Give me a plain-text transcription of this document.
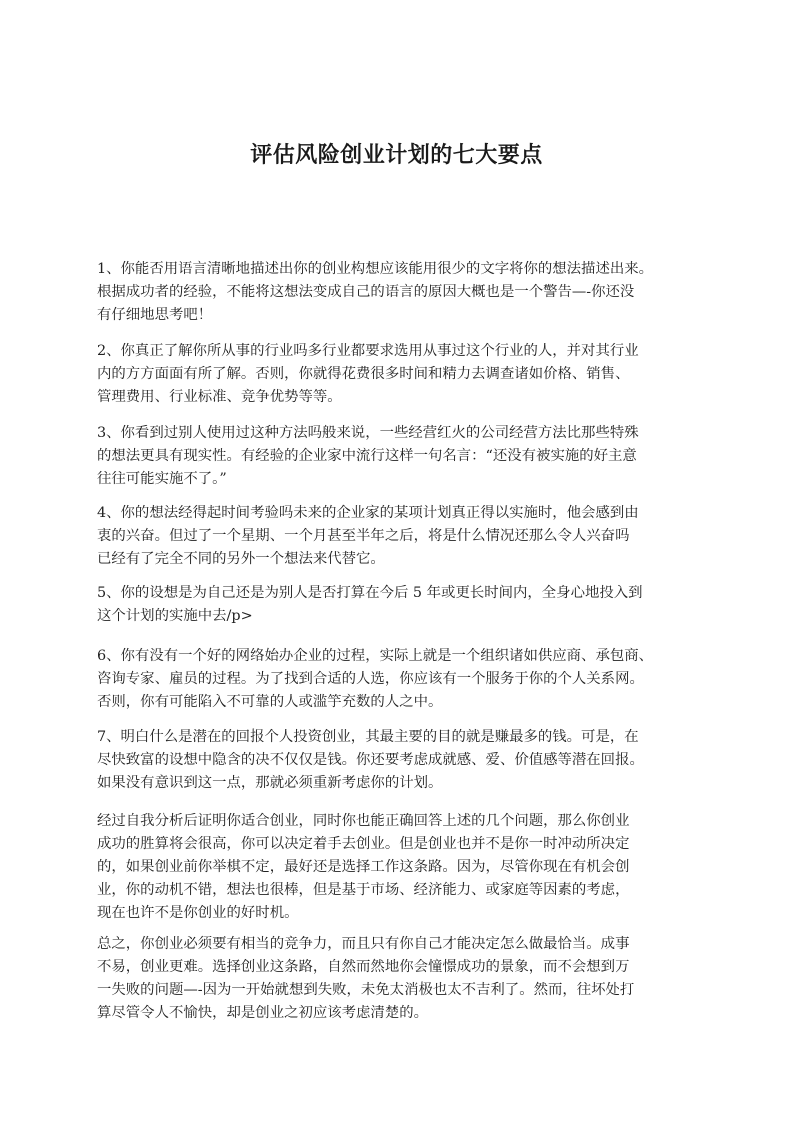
评估风险创业计划的七大要点

1、你能否用语言清晰地描述出你的创业构想应该能用很少的文字将你的想法描述出来。
根据成功者的经验，不能将这想法变成自己的语言的原因大概也是一个警告—-你还没
有仔细地思考吧！

2、你真正了解你所从事的行业吗多行业都要求选用从事过这个行业的人，并对其行业
内的方方面面有所了解。否则，你就得花费很多时间和精力去调查诸如价格、销售、
管理费用、行业标准、竞争优势等等。

3、你看到过别人使用过这种方法吗般来说，一些经营红火的公司经营方法比那些特殊
的想法更具有现实性。有经验的企业家中流行这样一句名言：“还没有被实施的好主意
往往可能实施不了。”

4、你的想法经得起时间考验吗未来的企业家的某项计划真正得以实施时，他会感到由
衷的兴奋。但过了一个星期、一个月甚至半年之后，将是什么情况还那么令人兴奋吗
已经有了完全不同的另外一个想法来代替它。

5、你的设想是为自己还是为别人是否打算在今后 5 年或更长时间内，全身心地投入到
这个计划的实施中去/p>

6、你有没有一个好的网络始办企业的过程，实际上就是一个组织诸如供应商、承包商、
咨询专家、雇员的过程。为了找到合适的人选，你应该有一个服务于你的个人关系网。
否则，你有可能陷入不可靠的人或滥竽充数的人之中。

7、明白什么是潜在的回报个人投资创业，其最主要的目的就是赚最多的钱。可是，在
尽快致富的设想中隐含的决不仅仅是钱。你还要考虑成就感、爱、价值感等潜在回报。
如果没有意识到这一点，那就必须重新考虑你的计划。

经过自我分析后证明你适合创业，同时你也能正确回答上述的几个问题，那么你创业
成功的胜算将会很高，你可以决定着手去创业。但是创业也并不是你一时冲动所决定
的，如果创业前你举棋不定，最好还是选择工作这条路。因为，尽管你现在有机会创
业，你的动机不错，想法也很棒，但是基于市场、经济能力、或家庭等因素的考虑，
现在也许不是你创业的好时机。

总之，你创业必须要有相当的竞争力，而且只有你自己才能决定怎么做最恰当。成事
不易，创业更难。选择创业这条路，自然而然地你会憧憬成功的景象，而不会想到万
一失败的问题—-因为一开始就想到失败，未免太消极也太不吉利了。然而，往坏处打
算尽管令人不愉快，却是创业之初应该考虑清楚的。
